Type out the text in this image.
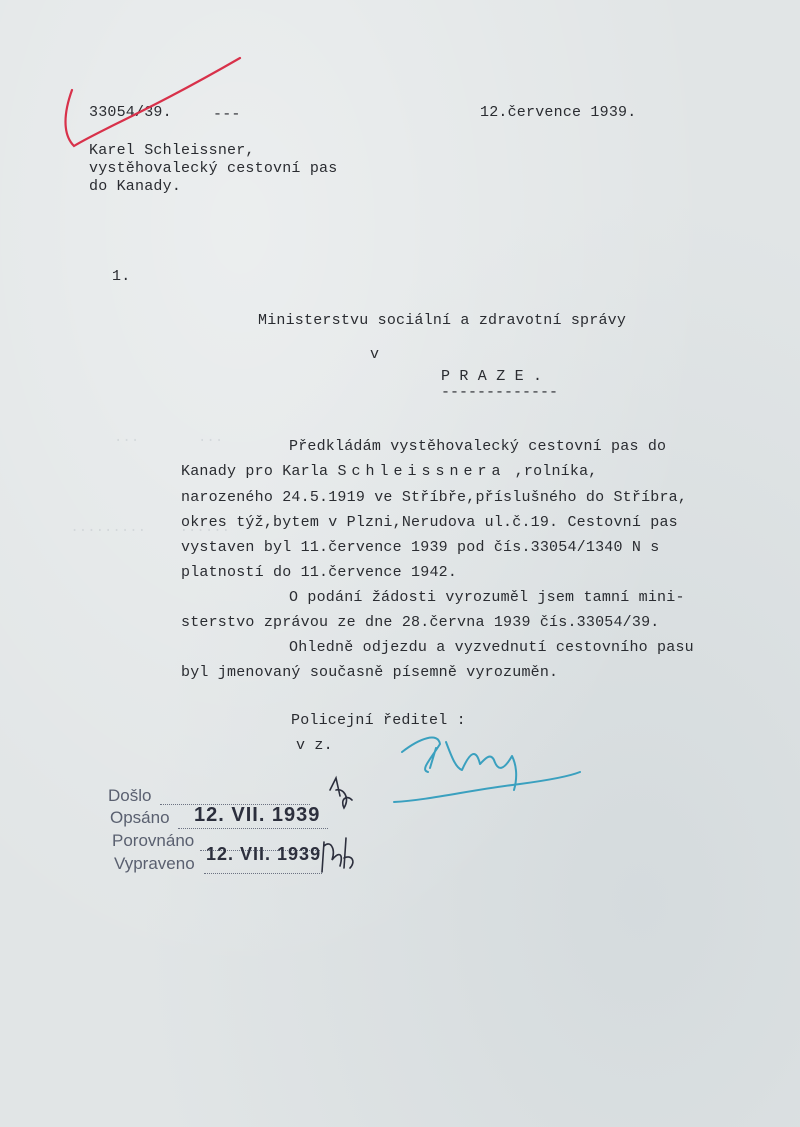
...       ...
.........    ......
33054/39.	---	12.července 1939.
Karel Schleissner,
vystěhovalecký cestovní pas
do Kanady.
1.
Ministerstvu sociální a zdravotní správy
v
P R A Z E .
-------------
Předkládám vystěhovalecký cestovní pas do
Kanady pro Karla Schleissnera ,rolníka,
narozeného 24.5.1919 ve Stříbře,příslušného do Stříbra,
okres týž,bytem v Plzni,Nerudova ul.č.19. Cestovní pas
vystaven byl 11.července 1939 pod čís.33054/1340 N s
platností do 11.července 1942.
O podání žádosti vyrozuměl jsem tamní mini-
sterstvo zprávou ze dne 28.června 1939 čís.33054/39.
Ohledně odjezdu a vyzvednutí cestovního pasu
byl jmenovaný současně písemně vyrozuměn.
Policejní ředitel :
v z.
Došlo
Opsáno 12. VII. 1939
Porovnáno
Vypraveno 12. VII. 1939
